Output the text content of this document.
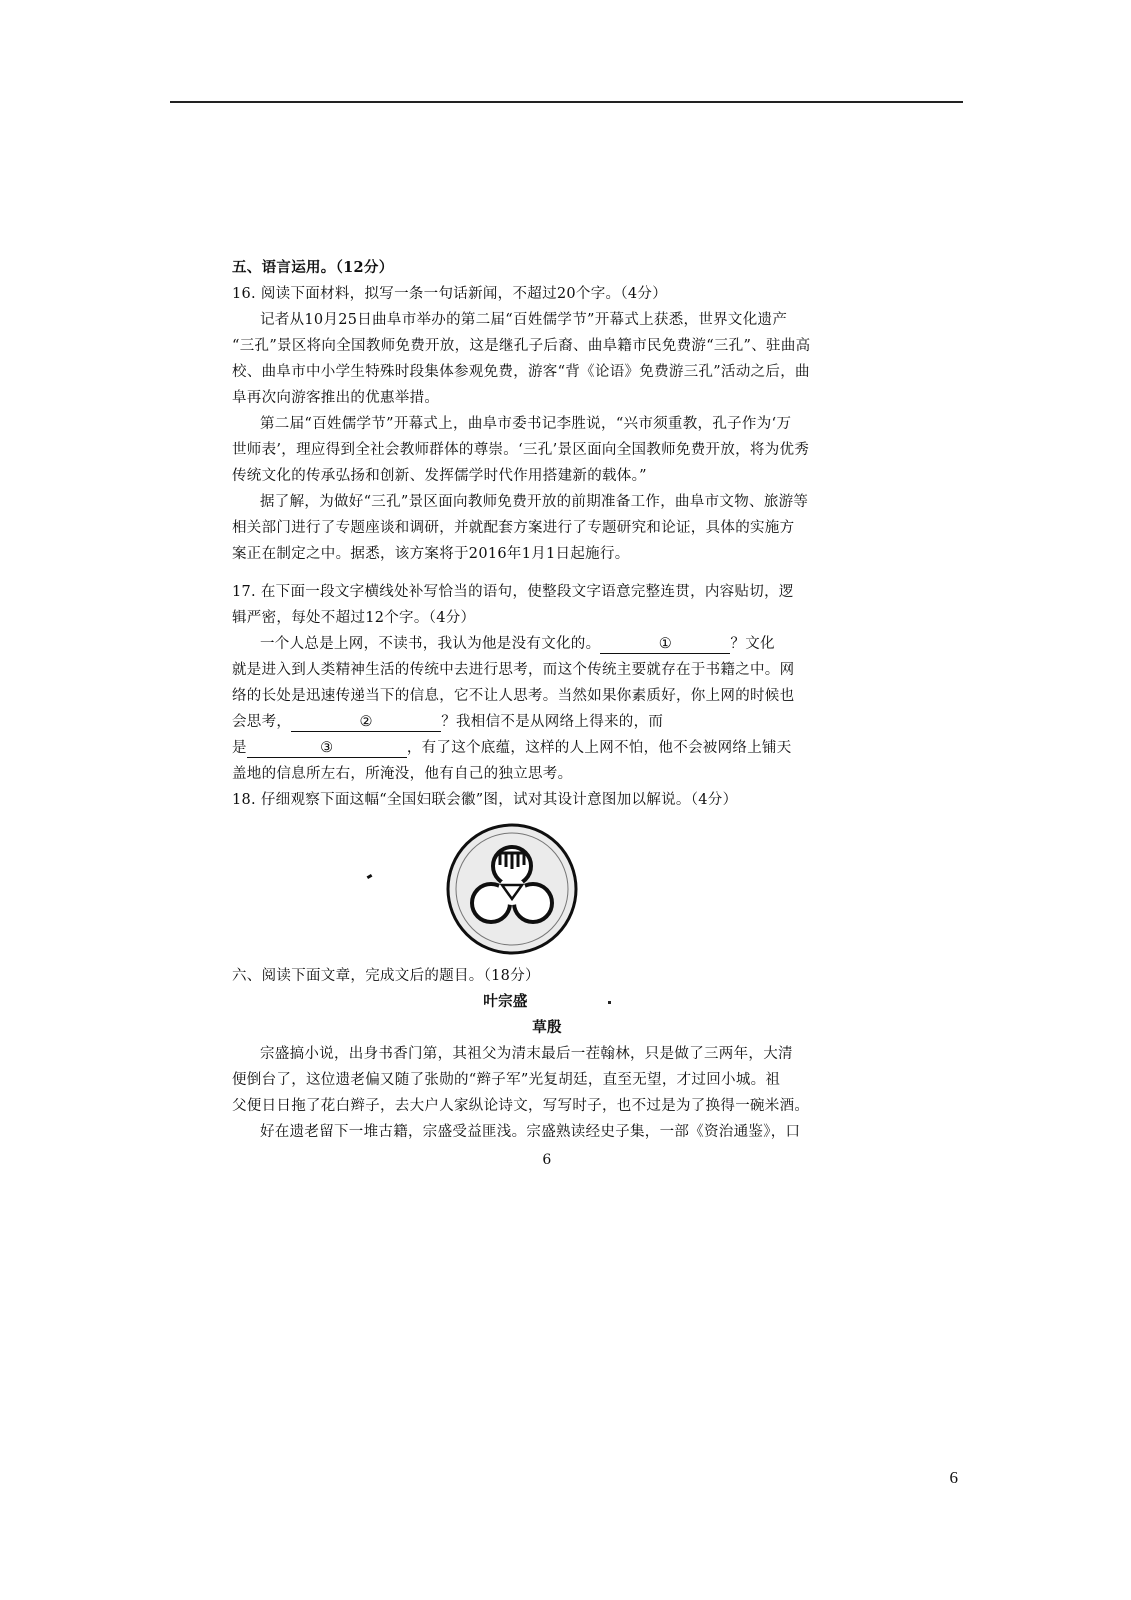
五、语言运用。（12分）
16. 阅读下面材料，拟写一条一句话新闻，不超过20个字。（4分）
记者从10月25日曲阜市举办的第二届“百姓儒学节”开幕式上获悉，世界文化遗产
“三孔”景区将向全国教师免费开放，这是继孔子后裔、曲阜籍市民免费游“三孔”、驻曲高
校、曲阜市中小学生特殊时段集体参观免费，游客“背《论语》免费游三孔”活动之后，曲
阜再次向游客推出的优惠举措。
第二届“百姓儒学节”开幕式上，曲阜市委书记李胜说，“兴市须重教，孔子作为‘万
世师表’，理应得到全社会教师群体的尊崇。‘三孔’景区面向全国教师免费开放，将为优秀
传统文化的传承弘扬和创新、发挥儒学时代作用搭建新的载体。”
据了解，为做好“三孔”景区面向教师免费开放的前期准备工作，曲阜市文物、旅游等
相关部门进行了专题座谈和调研，并就配套方案进行了专题研究和论证，具体的实施方
案正在制定之中。据悉，该方案将于2016年1月1日起施行。
17. 在下面一段文字横线处补写恰当的语句，使整段文字语意完整连贯，内容贴切，逻
辑严密，每处不超过12个字。（4分）
一个人总是上网，不读书，我认为他是没有文化的。	①	？文化
就是进入到人类精神生活的传统中去进行思考，而这个传统主要就存在于书籍之中。网
络的长处是迅速传递当下的信息，它不让人思考。当然如果你素质好，你上网的时候也
会思考，	②	？我相信不是从网络上得来的，而
是	③	，有了这个底蕴，这样的人上网不怕，他不会被网络上铺天
盖地的信息所左右，所淹没，他有自己的独立思考。
18. 仔细观察下面这幅“全国妇联会徽”图，试对其设计意图加以解说。（4分）
六、阅读下面文章，完成文后的题目。（18分）
叶宗盛
草殷
宗盛搞小说，出身书香门第，其祖父为清末最后一茬翰林，只是做了三两年，大清
便倒台了，这位遗老偏又随了张勋的“辫子军”光复胡廷，直至无望，才过回小城。祖
父便日日拖了花白辫子，去大户人家纵论诗文，写写时子，也不过是为了换得一碗米酒。
好在遗老留下一堆古籍，宗盛受益匪浅。宗盛熟读经史子集，一部《资治通鉴》，口
6
6
